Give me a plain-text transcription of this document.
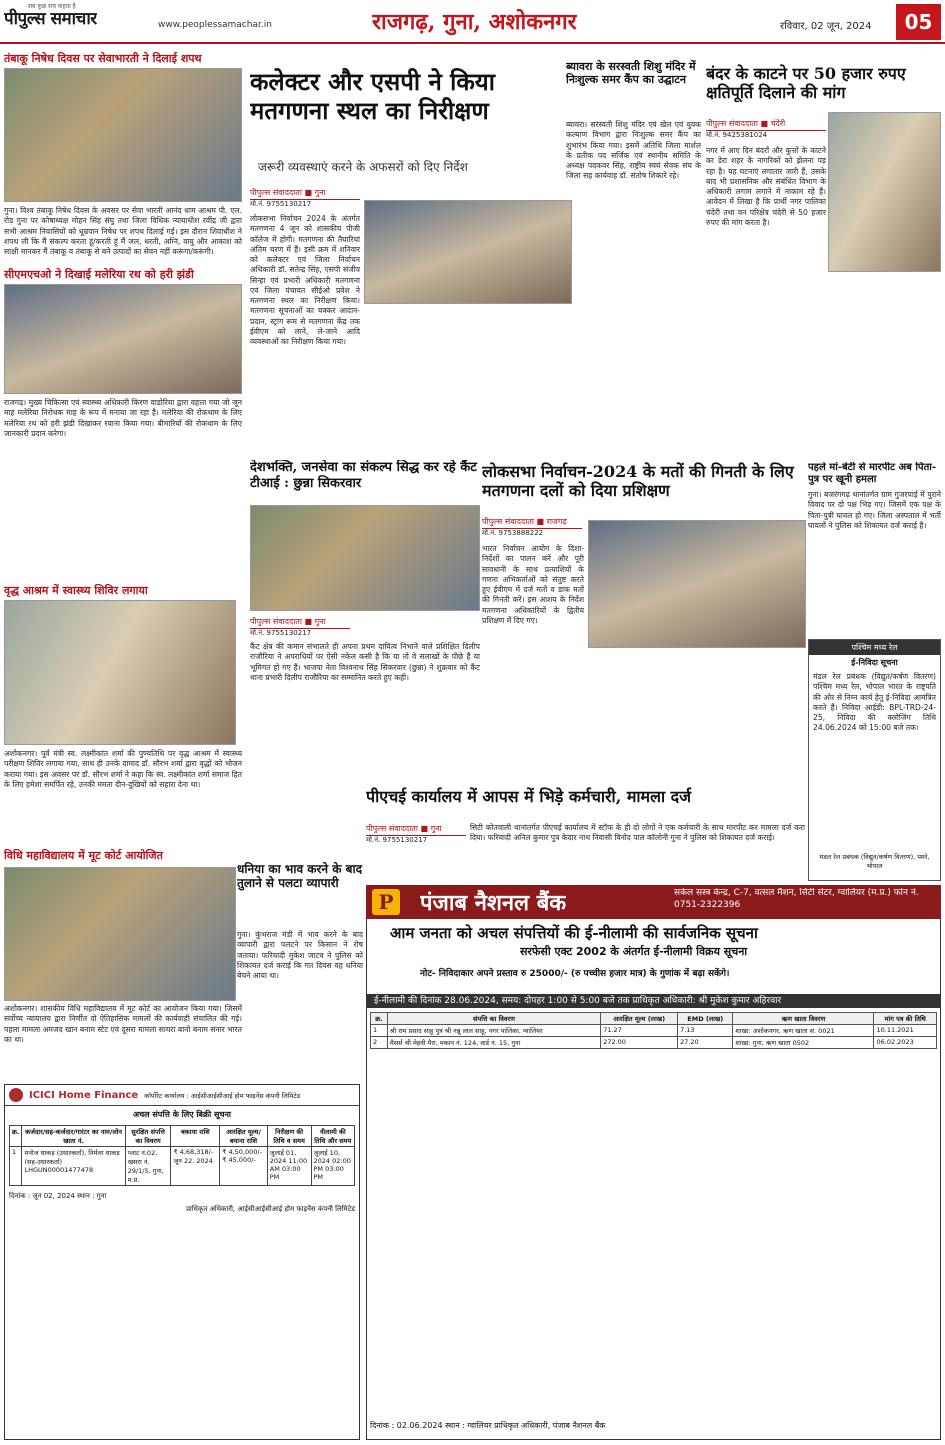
सब कुछ सच कहता है
पीपुल्स समाचार	www.peoplessamachar.in	राजगढ़, गुना, अशोकनगर	रविवार, 02 जून, 2024	05
तंबाकू निषेध दिवस पर सेवाभारती ने दिलाई शपथ
गुना। विश्व तंबाकू निषेध दिवस के अवसर पर सेवा भारती आनंद धाम आश्रम पी. एल. रोड़ गुना पर कोषाध्यक्ष मोहन सिंह संघु तथा जिला विधिक न्यायाधीश रवींद्र जी द्वारा सभी आश्रम निवासियों को धूम्रपान निषेध पर शपथ दिलाई गई। इस दौरान शिवाधीश ने शपथ ली कि मैं संकल्प करता हूं/करती हूं मैं जल, धरती, अग्नि, वायु और आकाश को साक्षी मानकर मैं तंबाकू व तंबाकू से बने उत्पादों का सेवन नहीं करूंगा/करूंगी।
सीएमएचओ ने दिखाई मलेरिया रथ को हरी झंडी
राजगढ़। मुख्य चिकित्सा एवं स्वास्थ्य अधिकारी किरण वाडोरिया द्वारा वहत्ता गया जो जून माह मलेरिया निरोधक माह के रूप में मनाया जा रहा है। मलेरिया की रोकथाम के लिए मलेरिया रथ को हरी झंडी दिखाकर रवाना किया गया। बीमारियों की रोकथाम के लिए जानकारी प्रदान करेगा।
वृद्ध आश्रम में स्वास्थ्य शिविर लगाया
अशोकनगर। पूर्व मंत्री स्व. लक्ष्मीकांत शर्मा की पुण्यतिथि पर वृद्ध आश्रम में स्वास्थ्य परीक्षण शिविर लगाया गया, साथ ही उनके दामाद डॉ. सौरभ शर्मा द्वारा वृद्धों को भोजन कराया गया। इस अवसर पर डॉ. सौरभ शर्मा ने कहा कि स्व. लक्ष्मीकांत शर्मा समाज हित के लिए हमेशा समर्पित रहे, उनकी ममता दीन-दुखियों को सहारा देना था।
विधि महाविद्यालय में मूट कोर्ट आयोजित
अशोकनगर। शासकीय विधि महाविद्यालय में मूट कोर्ट का आयोजन किया गया। जिसमें सर्वोच्च न्यायालय द्वारा निर्णीत दो ऐतिहासिक मामलों की कार्यवाही संचालित की गई। पहला मामला अमजद खान बनाम स्टेट एवं दूसरा मामला सायरा बानो बनाम सनार भारत का था।
धनिया का भाव करने के बाद तुलाने से पलटा व्यापारी
गुना। कुंभराज मंडी में भाव करने के बाद व्यापारी द्वारा पलटने पर किसान ने रोष जताया। फरियादी मुकेश जाटव ने पुलिस को शिकायत दर्ज कराई कि गत दिवस वह धनिया बेचने आया था।
कलेक्टर और एसपी ने किया मतगणना स्थल का निरीक्षण
जरूरी व्यवस्थाएं करने के अफसरों को दिए निर्देश
पीपुल्स संवाददाता ■ गुना
मो.नं. 9755130217
लोकसभा निर्वाचन 2024 के अंतर्गत मतगणना 4 जून को शासकीय पीजी कॉलेज में होगी। मतगणना की तैयारियां अंतिम चरण में हैं। इसी क्रम में शनिवार को कलेक्टर एवं जिला निर्वाचन अधिकारी डॉ. सतेन्द्र सिंह, एसपी संजीव सिन्हा एवं प्रभारी अधिकारी मतगणना एवं जिला पंचायत सीईओ प्रवेश ने मतगणना स्थल का निरीक्षण किया। मतगणना सूचनाओं का चक्कर आदान-प्रदान, स्ट्रांग रूम से मतगणना केंद्र तक ईवीएम को लाने, ले-जाने आदि व्यवस्थाओं का निरीक्षण किया गया।
ब्यावरा के सरस्वती शिशु मंदिर में निःशुल्क समर कैंप का उद्घाटन
ब्यावरा। सरस्वती शिशु मंदिर एवं खेल एवं युवक कल्याण विभाग द्वारा निःशुल्क समर कैंप का शुभारंभ किया गया। इसमें अतिथि जिला मार्शल के प्रतीक पद सर्जिक एवं स्थानीय समिति के अध्यक्ष पदकवर सिंह, राष्ट्रीय स्वयं सेवक संघ के जिला सह कार्यवाह डॉ. संतोष शिकारे रहे।
बंदर के काटने पर 50 हजार रुपए क्षतिपूर्ति दिलाने की मांग
पीपुल्स संवाददाता ■ चंदेरी
मो.नं. 9425381024
नगर में आए दिन बंदरों और कुत्तों के काटने का डेरा शहर के नागरिकों को झेलना पड़ रहा है। यह घटनाएं लगातार जारी हैं, उसके बाद भी प्रशासनिक और संबंधित विभाग के अधिकारी लगाम लगाने में नाकाम रहे हैं। आवेदन में लिखा है कि प्रार्थी नगर पालिका चंदेरी तथा वन परिक्षेत्र चंदेरी से 50 हजार रुपए की मांग करता है।
देशभक्ति, जनसेवा का संकल्प सिद्ध कर रहे कैंट टीआई : छुन्ना सिकरवार
पीपुल्स संवाददाता ■ गुना
मो.नं. 9755130217
कैंट क्षेत्र की कमान संभालते ही अपना प्रथम दायित्व निभाने वाले प्रशिक्षित दिलीप राजौरिया ने अपराधियों पर ऐसी नकेल कसी है कि या तो वे सलाखों के पीछे हैं या भूमिगत हो गए हैं। भाजपा नेता विश्वनाथ सिंह सिकरवार (छुन्ना) ने शुक्रवार को कैंट थाना प्रभारी दिलीप राजौरिया का सम्मानित करते हुए कही।
लोकसभा निर्वाचन-2024 के मतों की गिनती के लिए मतगणना दलों को दिया प्रशिक्षण
पीपुल्स संवाददाता ■ राजगढ़
मो.नं. 9753888222
भारत निर्वाचन आयोग के दिशा-निर्देशों का पालन करें और पूरी सावधानी के साथ प्रत्याशियों के गणना अभिकर्ताओं को संतुष्ट करते हुए ईवीएम में दर्ज मतों व डाक मतों की गिनती करें। इस आशय के निर्देश मतगणना अधिकारियों के द्वितीय प्रशिक्षण में दिए गए।
पहले मां-बेटी से मारपीट अब पिता-पुत्र पर खूनी हमला
गुना। बजरंगगढ़ थानांतर्गत ग्राम गुजरपाई में पुराने विवाद पर दो पक्ष भिड़ गए। जिसमें एक पक्ष के पिता-पुत्री घायल हो गए। जिला अस्पताल में भर्ती घायलों ने पुलिस को शिकायत दर्ज कराई है।
पश्चिम मध्य रेल
ई-निविदा सूचना
मंडल रेल प्रबंधक (विद्युत/कर्षण वितरण) पश्चिम मध्य रेल, भोपाल भारत के राष्ट्रपति की ओर से निम्न कार्य हेतु ई-निविदा आमंत्रित करते हैं। निविदा आईडी: BPL-TRD-24-25, निविदा की क्लोजिंग तिथि 24.06.2024 को 15:00 बजे तक।
मंडल रेल प्रबंधक (विद्युत/कर्षण वितरण), पमरे, भोपाल
पीएचई कार्यालय में आपस में भिड़े कर्मचारी, मामला दर्ज
पीपुल्स संवाददाता ■ गुना
मो.नं. 9755130217
सिटी कोतवाली थानांतर्गत पीएचई कार्यालय में स्टॉफ के ही दो लोगों ने एक कर्मचारी के साथ मारपीट कर मामला दर्ज करा दिया। फरियादी अनिल कुमार पुत्र केदार नाथ निवासी विनोद पाल कॉलोनी गुना ने पुलिस को शिकायत दर्ज कराई।
ICICI Home Finance कॉर्पोरेट कार्यालय : आईसीआईसीआई होम फाइनेंस कंपनी लिमिटेड
अचल संपत्ति के लिए बिक्री सूचना
क्र.	कर्जदार/सह-कर्जदार/गारंटर का नाम/लोन खाता नं.	सुरक्षित संपत्ति का विवरण	बकाया राशि	आरक्षित मूल्य/बयाना राशि	निरीक्षण की तिथि व समय	नीलामी की तिथि और समय
1	मनोज धाकड़ (उधारकर्ता), निर्मला धाकड़ (सह-उधारकर्ता) LHGUN00001477478	प्लाट नं.02, खसरा नं. 29/1/5, गुना, म.प्र.	₹ 4,68,318/- जून 22, 2024	₹ 4,50,000/- ₹ 45,000/-	जुलाई 01, 2024 11:00 AM 03:00 PM	जुलाई 10, 2024 02:00 PM 03:00 PM
दिनांक : जून 02, 2024 स्थान : गुना
प्राधिकृत अधिकारी, आईसीआईसीआई होम फाइनेंस कंपनी लिमिटेड
P पंजाब नैशनल बैंक	सर्कल सस्त्र केन्द्र, C-7, वत्सल मैंशन, सिटी सेंटर, ग्वालियर (म.प्र.) फोन नं. 0751-2322396
आम जनता को अचल संपत्तियों की ई-नीलामी की सार्वजनिक सूचना
सरफेसी एक्ट 2002 के अंतर्गत ई-नीलामी विक्रय सूचना
नोट- निविदाकार अपने प्रस्ताव रु 25000/- (रु पच्चीस हजार मात्र) के गुणांक में बढ़ा सकेंगे।
ई-नीलामी की दिनांक 28.06.2024, समय: दोपहर 1:00 से 5:00 बजे तक प्राधिकृत अधिकारी: श्री मुकेश कुमार अहिरवार
क्र.	संपत्ति का विवरण	आरक्षित मूल्य (लाख)	EMD (लाख)	ऋण खाता विवरण	मांग पत्र की तिथि
1	श्री राम प्रसाद साहू पुत्र श्री नन्नू लाल साहू, नगर पालिका, ग्वालियर	71.27	7.13	शाखा: अशोकनगर, ऋण खाता सं. 0021	10.11.2021
2	मैसर्स श्री मेहवी पैरा, मकान नं. 124, वार्ड नं. 15, गुना	272.00	27.20	शाखा: गुना, ऋण खाता 0502	06.02.2023
दिनांक : 02.06.2024 स्थान : ग्वालियर प्राधिकृत अधिकारी, पंजाब नैशनल बैंक
